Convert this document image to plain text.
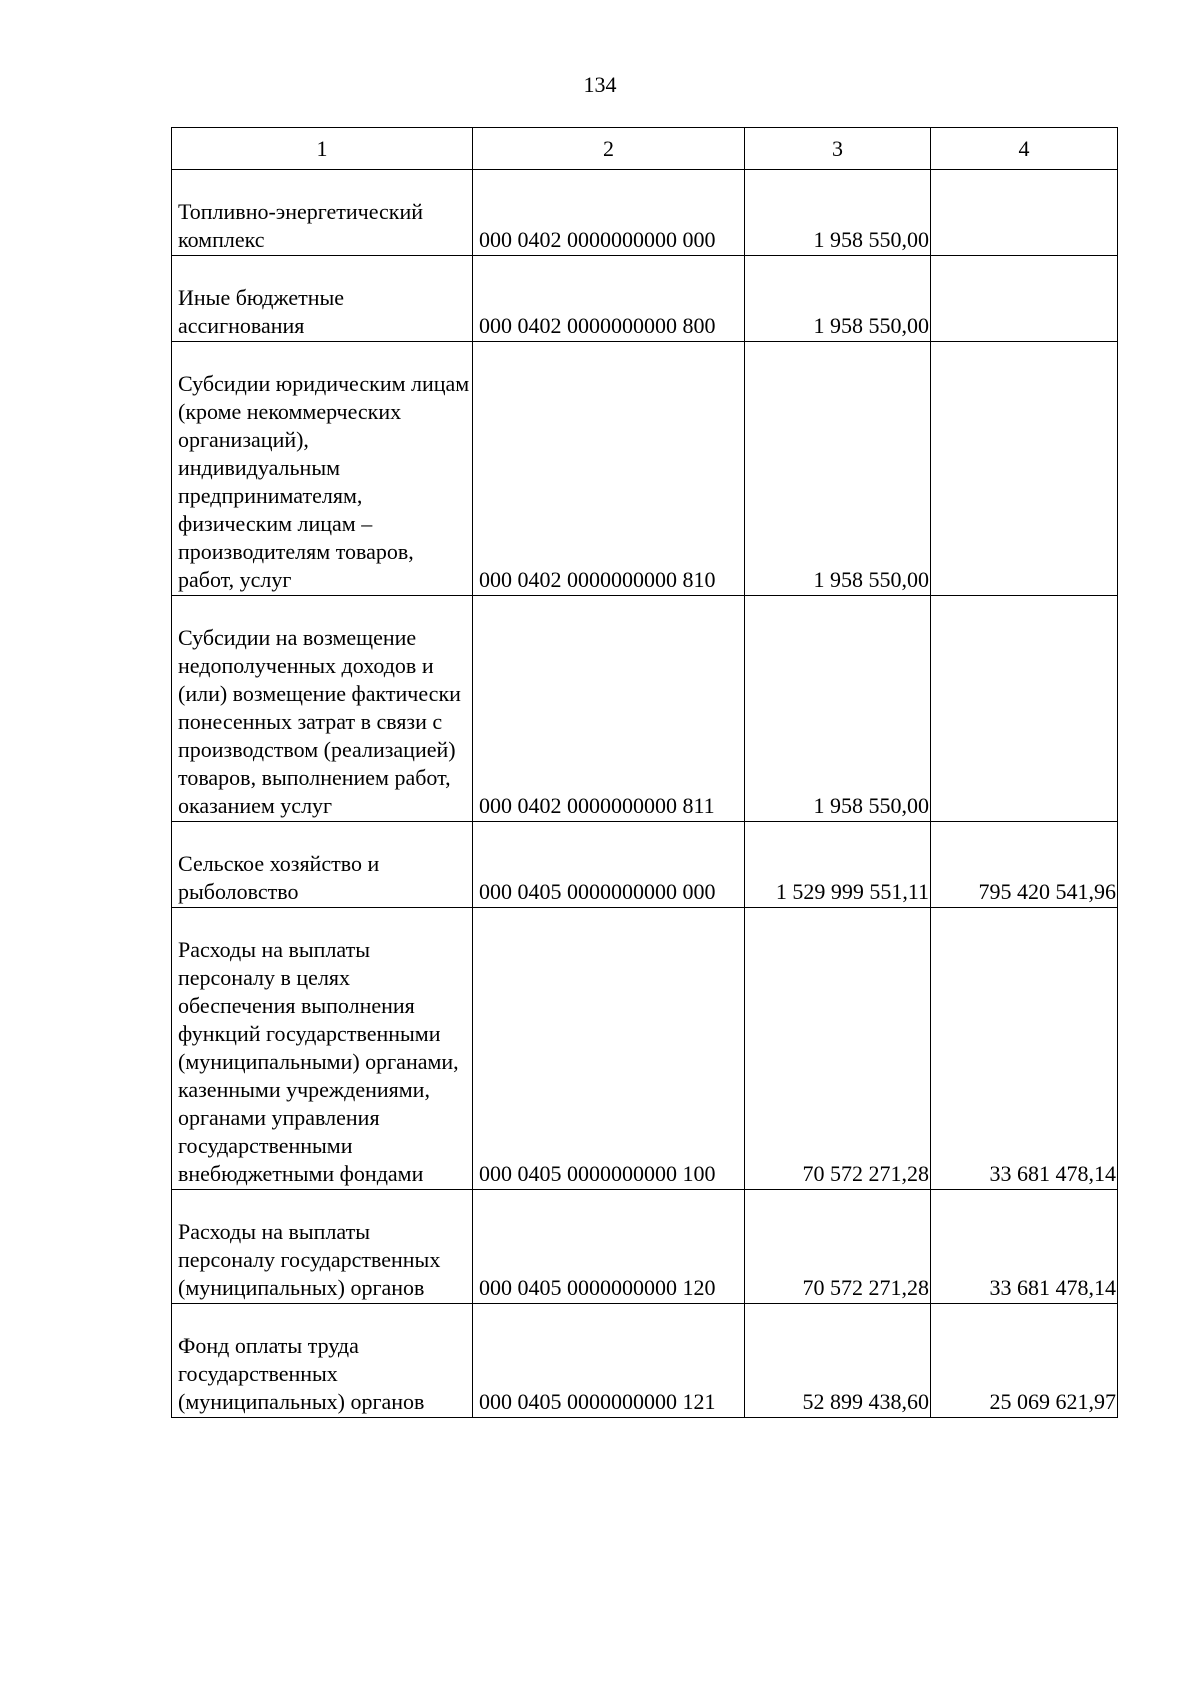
134
1	2	3	4
Топливно-энергетический комплекс	000 0402 0000000000 000	1 958 550,00	
Иные бюджетные ассигнования	000 0402 0000000000 800	1 958 550,00	
Субсидии юридическим лицам (кроме некоммерческих организаций), индивидуальным предпринимателям, физическим лицам – производителям товаров, работ, услуг	000 0402 0000000000 810	1 958 550,00	
Субсидии на возмещение недополученных доходов и (или) возмещение фактически понесенных затрат в связи с производством (реализацией) товаров, выполнением работ, оказанием услуг	000 0402 0000000000 811	1 958 550,00	
Сельское хозяйство и рыболовство	000 0405 0000000000 000	1 529 999 551,11	795 420 541,96
Расходы на выплаты персоналу в целях обеспечения выполнения функций государственными (муниципальными) органами, казенными учреждениями, органами управления государственными внебюджетными фондами	000 0405 0000000000 100	70 572 271,28	33 681 478,14
Расходы на выплаты персоналу государственных (муниципальных) органов	000 0405 0000000000 120	70 572 271,28	33 681 478,14
Фонд оплаты труда государственных (муниципальных) органов	000 0405 0000000000 121	52 899 438,60	25 069 621,97
